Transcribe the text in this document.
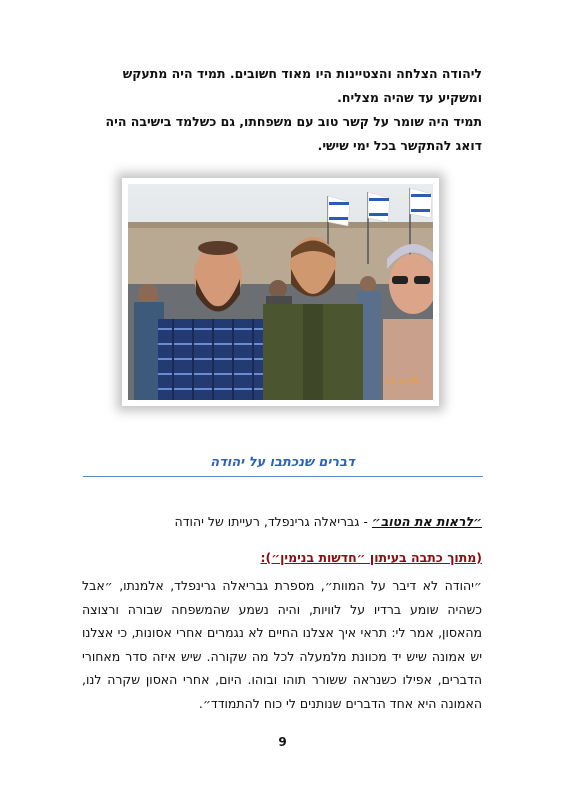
ליהודה הצלחה והצטיינות היו מאוד חשובים. תמיד היה מתעקש ומשקיע עד שהיה מצליח.

תמיד היה שומר על קשר טוב עם משפחתו, גם כשלמד בישיבה היה דואג להתקשר בכל ימי שישי.

15 4'99
דברים שנכתבו על יהודה
״לראות את הטוב״ - גבריאלה גרינפלד, רעייתו של יהודה
(מתוך כתבה בעיתון ״חדשות בנימין״):

״יהודה לא דיבר על המוות״, מספרת גבריאלה גרינפלד, אלמנתו, ״אבל כשהיה שומע ברדיו על לוויות, והיה נשמע שהמשפחה שבורה ורצוצה מהאסון, אמר לי: תראי איך אצלנו החיים לא נגמרים אחרי אסונות, כי אצלנו יש אמונה שיש יד מכוונת מלמעלה לכל מה שקורה. שיש איזה סדר מאחורי הדברים, אפילו כשנראה ששורר תוהו ובוהו. היום, אחרי האסון שקרה לנו, האמונה היא אחד הדברים שנותנים לי כוח להתמודד״.

9
